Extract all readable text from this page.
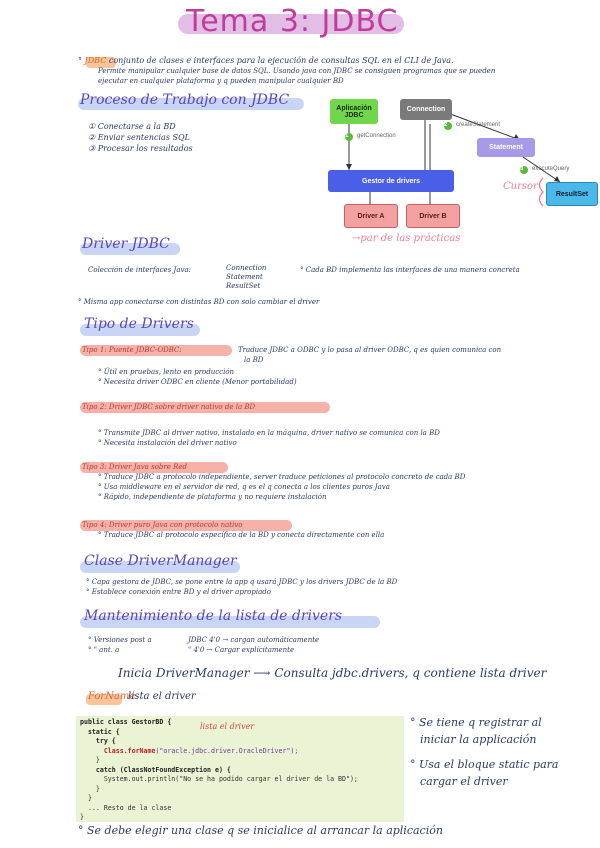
Tema 3: JDBC
° JDBC conjunto de clases e interfaces para la ejecución de consultas SQL en el CLI de Java.
Permite manipular cualquier base de datos SQL. Usando java con JDBC se consiguen programas que se pueden
ejecutar en cualquier plataforma y q pueden manipular cualquier BD
Proceso de Trabajo con JDBC
① Conectarse a la BD
② Enviar sentencias SQL
③ Procesar los resultados
Aplicación JDBC
Connection
Statement
ResultSet
Gestor de drivers
Driver A	Driver B
1
2
3
getConnection
createStatement
executeQuery
Cursor
→par de las prácticas
Driver JDBC
Colección de interfaces Java:	Connection
Statement
ResultSet
° Cada BD implementa las interfaces de una manera concreta
° Misma app conectarse con distintas BD con solo cambiar el driver
Tipo de Drivers
Tipo 1: Puente JDBC-ODBC:	Traduce JDBC a ODBC y lo pasa al driver ODBC, q es quien comunica con
la BD
° Útil en pruebas, lento en producción
° Necesita driver ODBC en cliente (Menor portabilidad)
Tipo 2: Driver JDBC sobre driver nativo de la BD
° Transmite JDBC al driver nativo, instalado en la máquina, driver nativo se comunica con la BD
° Necesita instalación del driver nativo
Tipo 3: Driver Java sobre Red
° Traduce JDBC a protocolo independiente, server traduce peticiones al protocolo concreto de cada BD
° Usa middleware en el servidor de red, q es el q conecta a los clientes puros Java
° Rápido, independiente de plataforma y no requiere instalación
Tipo 4: Driver puro Java con protocolo nativo
° Traduce JDBC al protocolo específico de la BD y conecta directamente con ella
Clase DriverManager
° Capa gestora de JDBC, se pone entre la app q usará JDBC y los drivers JDBC de la BD
° Establece conexión entre BD y el driver apropiado
Mantenimiento de la lista de drivers
° Versiones post a	JDBC 4'0 → cargan automáticamente
° " ant. a	" 4'0 → Cargar explícitamente
Inicia DriverManager ⟶ Consulta jdbc.drivers, q contiene lista driver
ForName
lista el driver
public class GestorBD {
static {
try {
Class.forName("oracle.jdbc.driver.OracleDriver");
}
catch (ClassNotFoundException e) {
System.out.println("No se ha podido cargar el driver de la BD");
}
}
... Resto de la clase
}
lista el driver	° Se tiene q registrar al
iniciar la applicación
° Usa el bloque static para
cargar el driver
° Se debe elegir una clase q se inicialice al arrancar la aplicación
